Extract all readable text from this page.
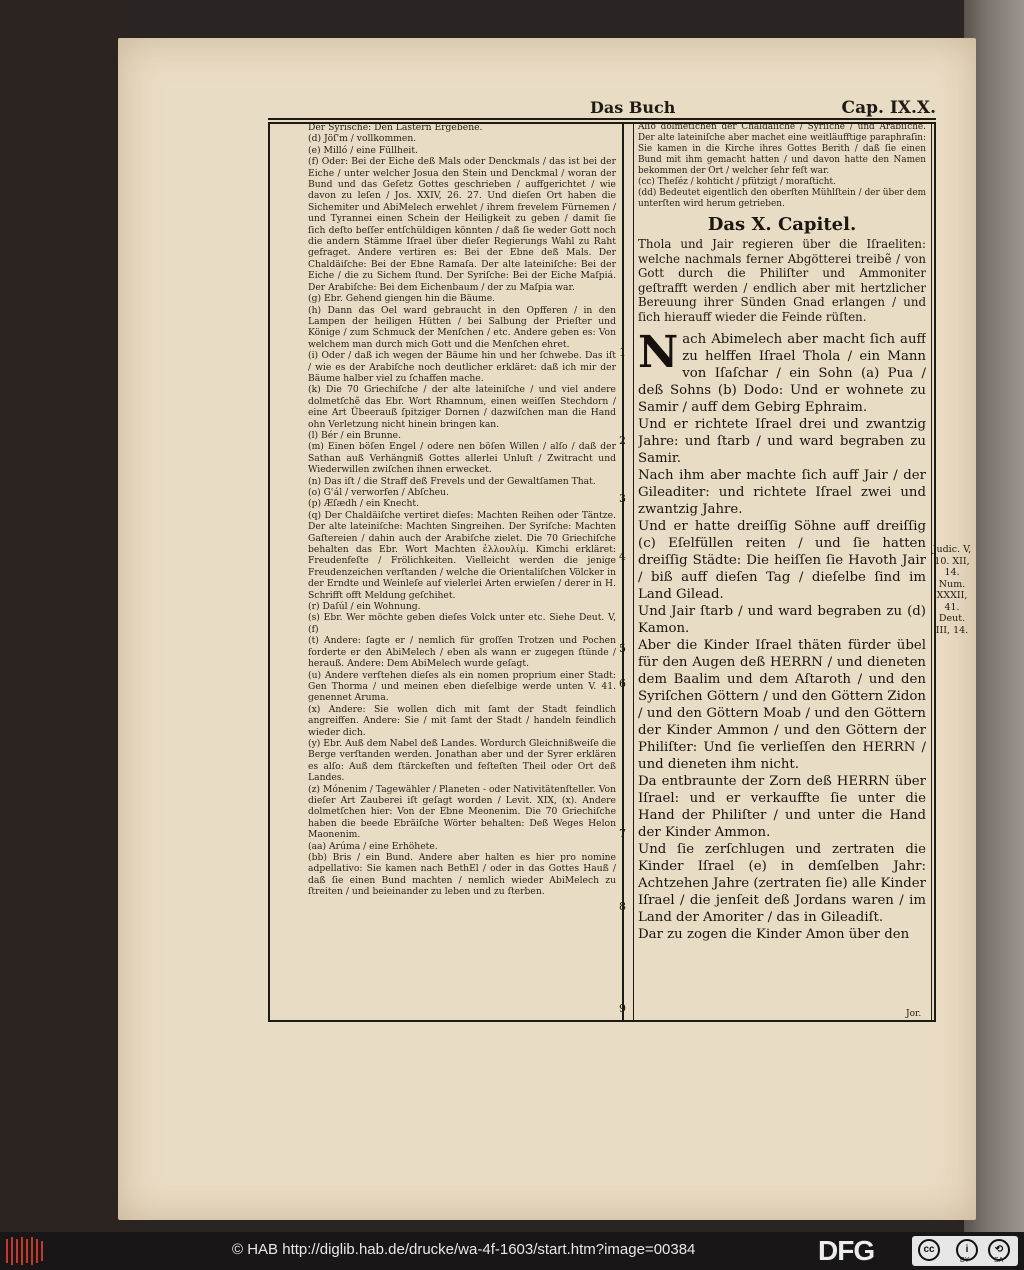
Das Buch	Cap. IX.X.

Der Syrische: Den Lastern Ergebene.

(d) Jöſ'm / vollkommen.

(e) Milló / eine Füllheit.

(f) Oder: Bei der Eiche deß Mals oder Denckmals / das ist bei der Eiche / unter welcher Josua den Stein und Denckmal / woran der Bund und das Geſetz Gottes geschrieben / auffgerichtet / wie davon zu leſen / Jos. XXIV, 26. 27. Und dieſen Ort haben die Sichemiter und AbiMelech erwehlet / ihrem frevelem Fürnemen / und Tyrannei einen Schein der Heiligkeit zu geben / damit ſie ſich deſto beſſer entſchüldigen könnten / daß ſie weder Gott noch die andern Stämme Iſrael über dieſer Regierungs Wahl zu Raht gefraget. Andere vertiren es: Bei der Ebne deß Mals. Der Chaldäiſche: Bei der Ebne Ramaſa. Der alte lateiniſche: Bei der Eiche / die zu Sichem ſtund. Der Syriſche: Bei der Eiche Maſpiá. Der Arabiſche: Bei dem Eichenbaum / der zu Maſpia war.

(g) Ebr. Gehend giengen hin die Bäume.

(h) Dann das Oel ward gebraucht in den Opfferen / in den Lampen der heiligen Hütten / bei Salbung der Prieſter und Könige / zum Schmuck der Menſchen / etc. Andere geben es: Von welchem man durch mich Gott und die Menſchen ehret.

(i) Oder / daß ich wegen der Bäume hin und her ſchwebe. Das iſt / wie es der Arabiſche noch deutlicher erkläret: daß ich mir der Bäume halber viel zu ſchaffen mache.

(k) Die 70 Griechiſche / der alte lateiniſche / und viel andere dolmetſchẽ das Ebr. Wort Rhamnum, einen weiſſen Stechdorn / eine Art Übeerauß ſpitziger Dornen / dazwiſchen man die Hand ohn Verletzung nicht hinein bringen kan.

(l) Bér / ein Brunne.

(m) Einen böſen Engel / odere nen böſen Willen / alſo / daß der Sathan auß Verhängniß Gottes allerlei Unluſt / Zwitracht und Wiederwillen zwiſchen ihnen erwecket.

(n) Das iſt / die Straff deß Frevels und der Gewaltſamen That.

(o) Gʿál / verworfen / Abſcheu.

(p) Æſædh / ein Knecht.

(q) Der Chaldäiſche vertiret dieſes: Machten Reihen oder Täntze. Der alte lateiniſche: Machten Singreihen. Der Syriſche: Machten Gaſtereien / dahin auch der Arabiſche zielet. Die 70 Griechiſche behalten das Ebr. Wort Machten ἐλλουλίμ. Kimchi erkläret: Freudenfeſte / Frölichkeiten. Vielleicht werden die jenige Freudenzeichen verſtanden / welche die Orientaliſchen Völcker in der Erndte und Weinleſe auf vielerlei Arten erwieſen / derer in H. Schrifft offt Meldung geſchihet.

(r) Daſúl / ein Wohnung.

(s) Ebr. Wer möchte geben dieſes Volck unter etc. Siehe Deut. V, (f)

(t) Andere: ſagte er / nemlich für groſſen Trotzen und Pochen forderte er den AbiMelech / eben als wann er zugegen ſtünde / herauß. Andere: Dem AbiMelech wurde geſagt.

(u) Andere verſtehen dieſes als ein nomen proprium einer Stadt: Gen Thorma / und meinen eben dieſelbige werde unten V. 41. genennet Aruma.

(x) Andere: Sie wollen dich mit ſamt der Stadt feindlich angreiffen. Andere: Sie / mit ſamt der Stadt / handeln feindlich wieder dich.

(y) Ebr. Auß dem Nabel deß Landes. Wordurch Gleichnißweiſe die Berge verſtanden werden. Jonathan aber und der Syrer erklären es alſo: Auß dem ſtärckeſten und feſteſten Theil oder Ort deß Landes.

(z) Mónenim / Tagewähler / Planeten - oder Nativitätenſteller. Von dieſer Art Zauberei iſt geſagt worden / Levit. XIX, (x). Andere dolmetſchen hier: Von der Ebne Meonenim. Die 70 Griechiſche haben die beede Ebräiſche Wörter behalten: Deß Weges Helon Maonenim.

(aa) Arúma / eine Erhöhete.

(bb) Bris / ein Bund. Andere aber halten es hier pro nomine adpellativo: Sie kamen nach BethEl / oder in das Gottes Hauß / daß ſie einen Bund machten / nemlich wieder AbiMelech zu ſtreiten / und beieinander zu leben und zu ſterben.

1
2
3
4
5
6
7
8
9

Alſo dolmetſchen der Chaldäiſche / Syriſche / und Arabiſche. Der alte lateiniſche aber machet eine weitläufftige paraphraſin: Sie kamen in die Kirche ihres Gottes Berith / daß ſie einen Bund mit ihm gemacht hatten / und davon hatte den Namen bekommen der Ort / welcher ſehr feſt war.

(cc) Theſéz / kohticht / pfützigt / moraſticht.

(dd) Bedeutet eigentlich den oberſten Mühlſtein / der über dem unterſten wird herum getrieben.

Das X. Capitel.

Thola und Jair regieren über die Iſraeliten: welche nachmals ferner Abgötterei treibẽ / von Gott durch die Philiſter und Ammoniter geſtrafft werden / endlich aber mit hertzlicher Bereuung ihrer Sünden Gnad erlangen / und ſich hierauff wieder die Feinde rüſten.

Nach Abimelech aber macht ſich auff zu helffen Iſrael Thola / ein Mann von Iſaſchar / ein Sohn (a) Pua / deß Sohns (b) Dodo: Und er wohnete zu Samir / auff dem Gebirg Ephraim.

Und er richtete Iſrael drei und zwantzig Jahre: und ſtarb / und ward begraben zu Samir.

Nach ihm aber machte ſich auff Jair / der Gileaditer: und richtete Iſrael zwei und zwantzig Jahre.

Und er hatte dreiſſig Söhne auff dreiſſig (c) Eſelfüllen reiten / und ſie hatten dreiſſig Städte: Die heiſſen ſie Havoth Jair / biß auff dieſen Tag / dieſelbe ſind im Land Gilead.

Und Jair ſtarb / und ward begraben zu (d) Kamon.

Aber die Kinder Iſrael thäten fürder übel für den Augen deß HERRN / und dieneten dem Baalim und dem Aſtaroth / und den Syriſchen Göttern / und den Göttern Zidon / und den Göttern Moab / und den Göttern der Kinder Ammon / und den Göttern der Philiſter: Und ſie verlieſſen den HERRN / und dieneten ihm nicht.

Da entbraunte der Zorn deß HERRN über Iſrael: und er verkauffte ſie unter die Hand der Philiſter / und unter die Hand der Kinder Ammon.

Und ſie zerſchlugen und zertraten die Kinder Iſrael (e) in demſelben Jahr: Achtzehen Jahre (zertraten ſie) alle Kinder Iſrael / die jenſeit deß Jordans waren / im Land der Amoriter / das in Gileadiſt.

Dar zu zogen die Kinder Amon über den

Judic. V, 10. XII, 14. Num. XXXII, 41. Deut. III, 14.
Jor.
© HAB http://diglib.hab.de/drucke/wa-4f-1603/start.htm?image=00384	DFG	cc	i
BY
⟲
SA
